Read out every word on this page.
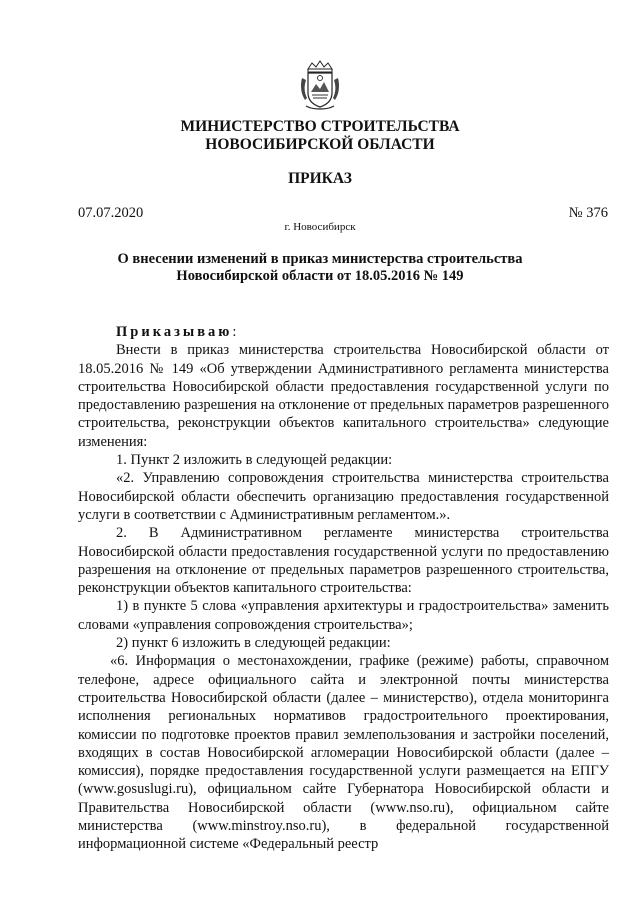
МИНИСТЕРСТВО СТРОИТЕЛЬСТВА
НОВОСИБИРСКОЙ ОБЛАСТИ
ПРИКАЗ
07.07.2020	№ 376
г. Новосибирск
О внесении изменений в приказ министерства строительства
Новосибирской области от 18.05.2016 № 149

Приказываю:

Внести в приказ министерства строительства Новосибирской области от 18.05.2016 № 149 «Об утверждении Административного регламента министерства строительства Новосибирской области предоставления государственной услуги по предоставлению разрешения на отклонение от предельных параметров разрешенного строительства, реконструкции объектов капитального строительства» следующие изменения:

1. Пункт 2 изложить в следующей редакции:

«2. Управлению сопровождения строительства министерства строительства Новосибирской области обеспечить организацию предоставления государственной услуги в соответствии с Административным регламентом.».

2. В Административном регламенте министерства строительства Новосибирской области предоставления государственной услуги по предоставлению разрешения на отклонение от предельных параметров разрешенного строительства, реконструкции объектов капитального строительства:

1) в пункте 5 слова «управления архитектуры и градостроительства» заменить словами «управления сопровождения строительства»;

2) пункт 6 изложить в следующей редакции:

«6. Информация о местонахождении, графике (режиме) работы, справочном телефоне, адресе официального сайта и электронной почты министерства строительства Новосибирской области (далее – министерство), отдела мониторинга исполнения региональных нормативов градостроительного проектирования, комиссии по подготовке проектов правил землепользования и застройки поселений, входящих в состав Новосибирской агломерации Новосибирской области (далее – комиссия), порядке предоставления государственной услуги размещается на ЕПГУ (www.gosuslugi.ru), официальном сайте Губернатора Новосибирской области и Правительства Новосибирской области (www.nso.ru), официальном сайте министерства (www.minstroy.nso.ru), в федеральной государственной информационной системе «Федеральный реестр
